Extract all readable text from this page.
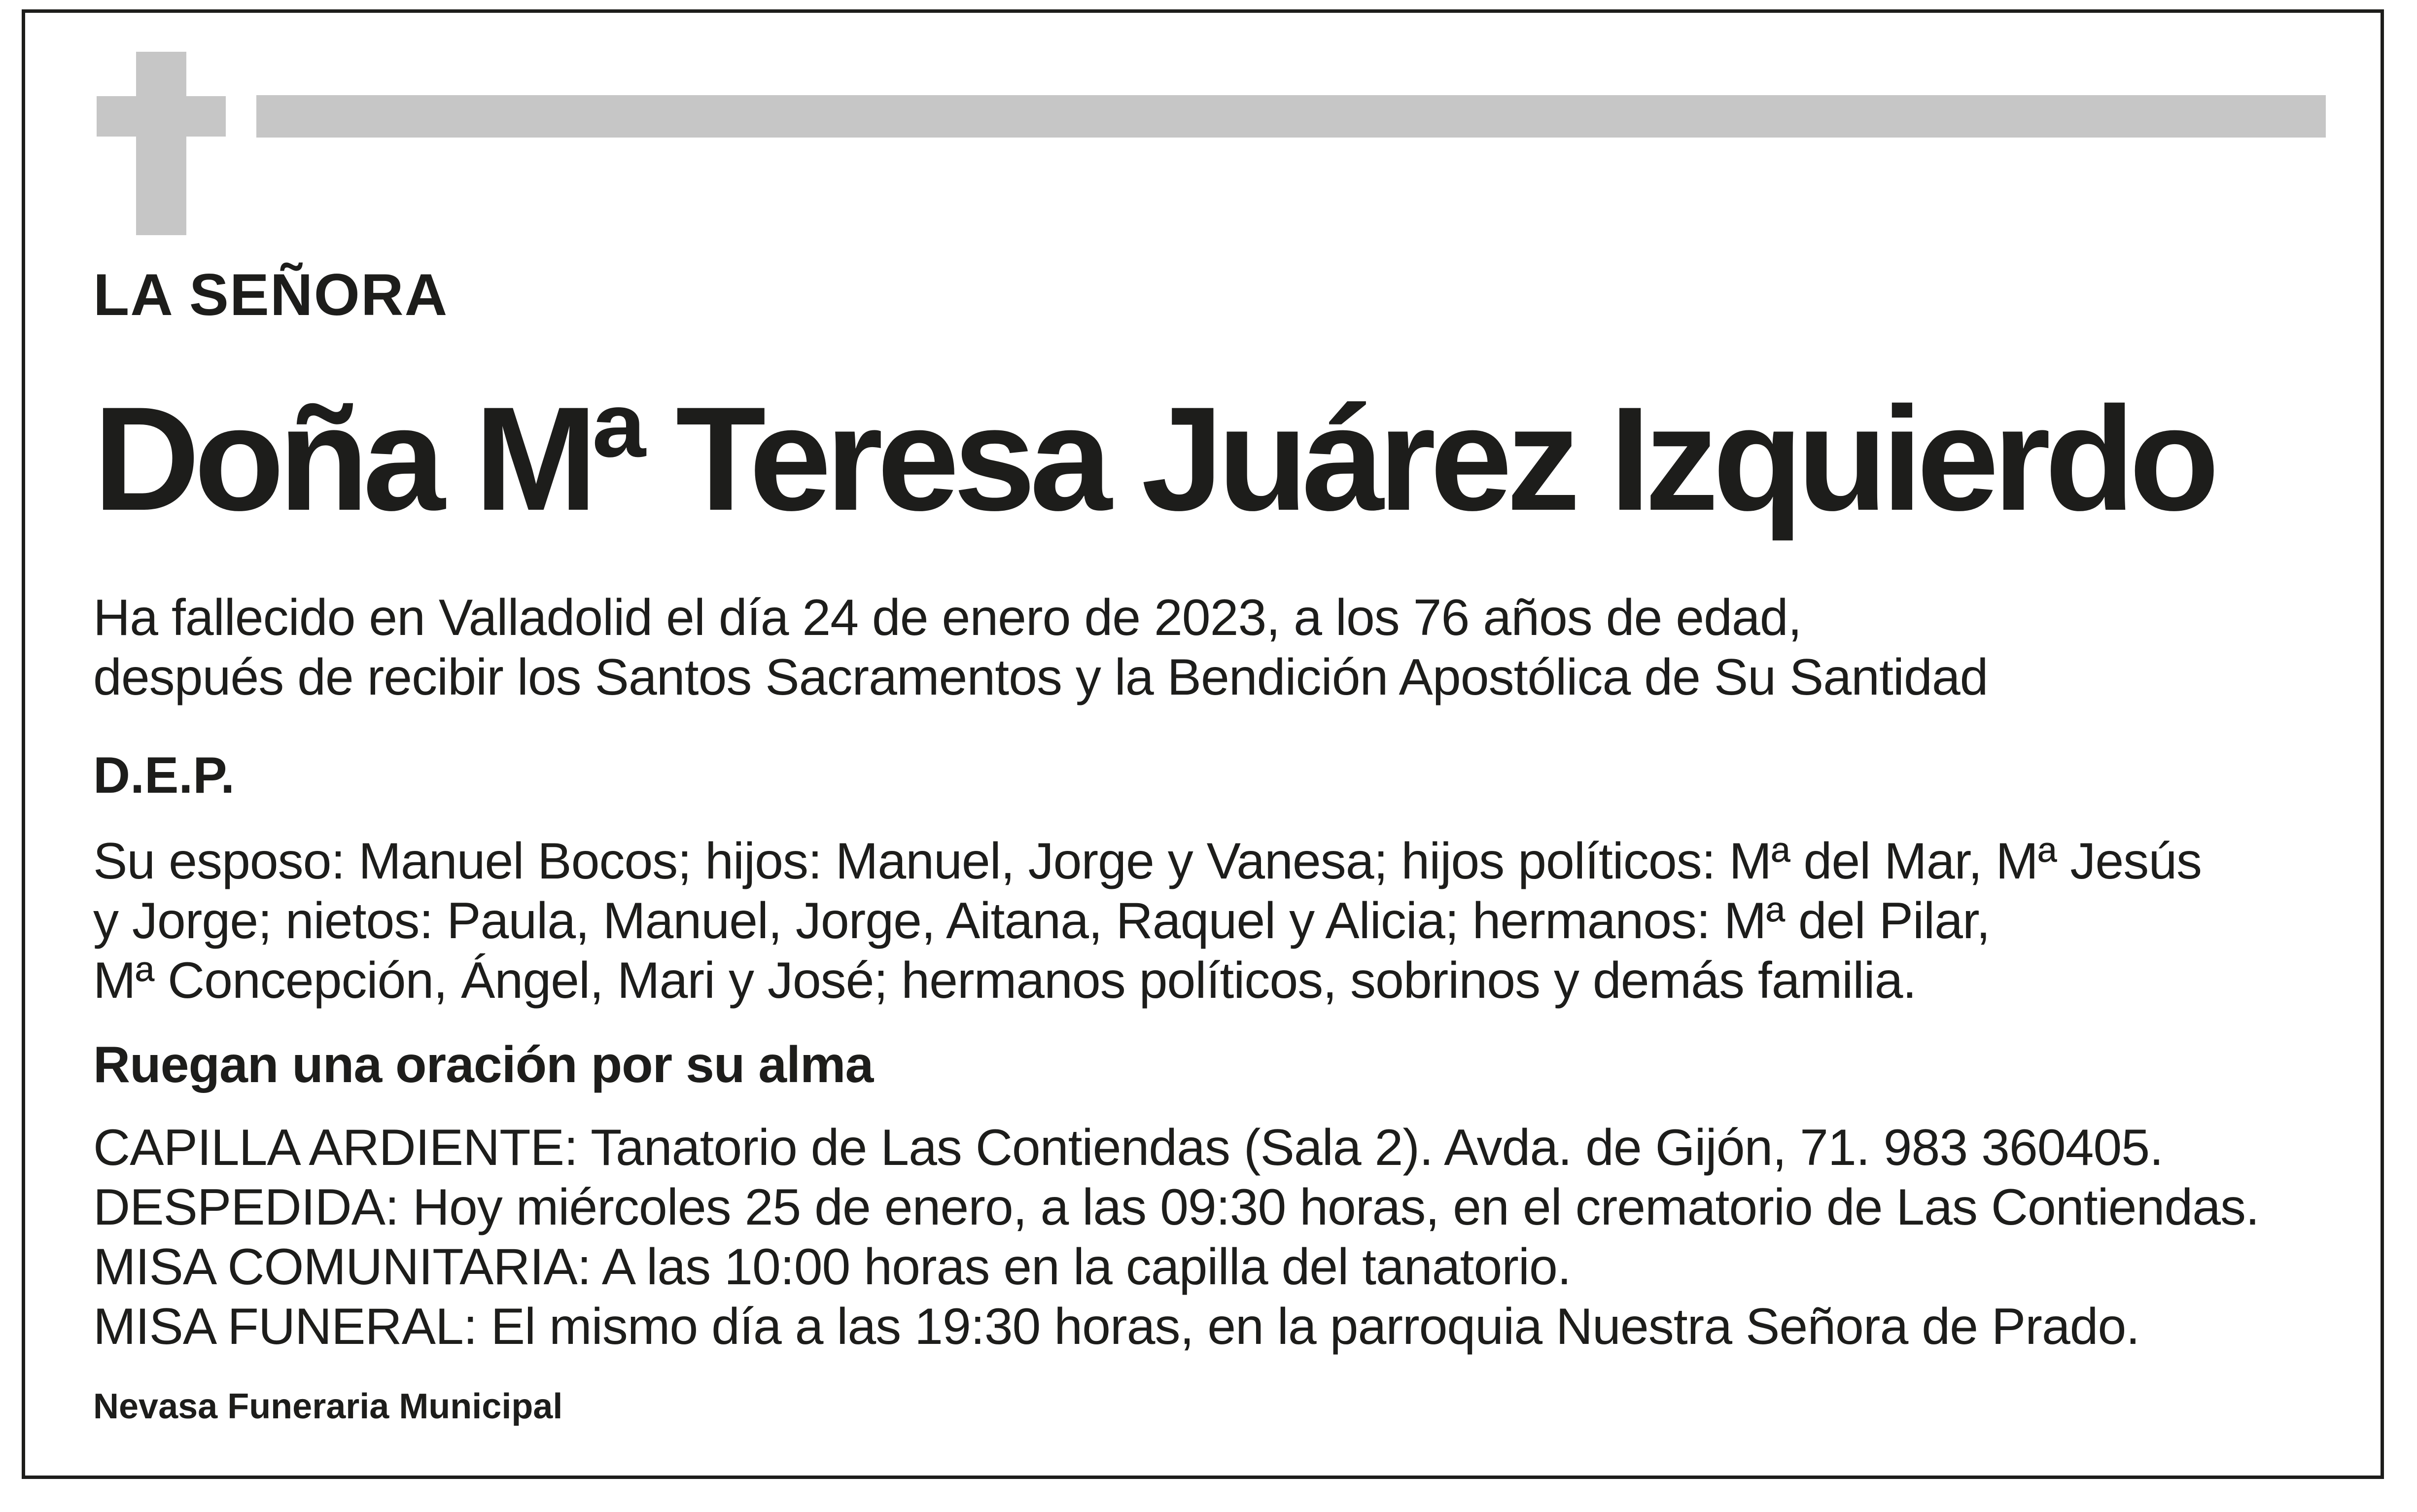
LA SEÑORA

Doña Mª Teresa Juárez Izquierdo
Ha fallecido en Valladolid el día 24 de enero de 2023, a los 76 años de edad,
después de recibir los Santos Sacramentos y la Bendición Apostólica de Su Santidad

D.E.P.

Su esposo: Manuel Bocos; hijos: Manuel, Jorge y Vanesa; hijos políticos: Mª del Mar, Mª Jesús
y Jorge; nietos: Paula, Manuel, Jorge, Aitana, Raquel y Alicia; hermanos: Mª del Pilar,
Mª Concepción, Ángel, Mari y José; hermanos políticos, sobrinos y demás familia.

Ruegan una oración por su alma

CAPILLA ARDIENTE: Tanatorio de Las Contiendas (Sala 2). Avda. de Gijón, 71. 983 360405.
DESPEDIDA: Hoy miércoles 25 de enero, a las 09:30 horas, en el crematorio de Las Contiendas.
MISA COMUNITARIA: A las 10:00 horas en la capilla del tanatorio.
MISA FUNERAL: El mismo día a las 19:30 horas, en la parroquia Nuestra Señora de Prado.

Nevasa Funeraria Municipal
